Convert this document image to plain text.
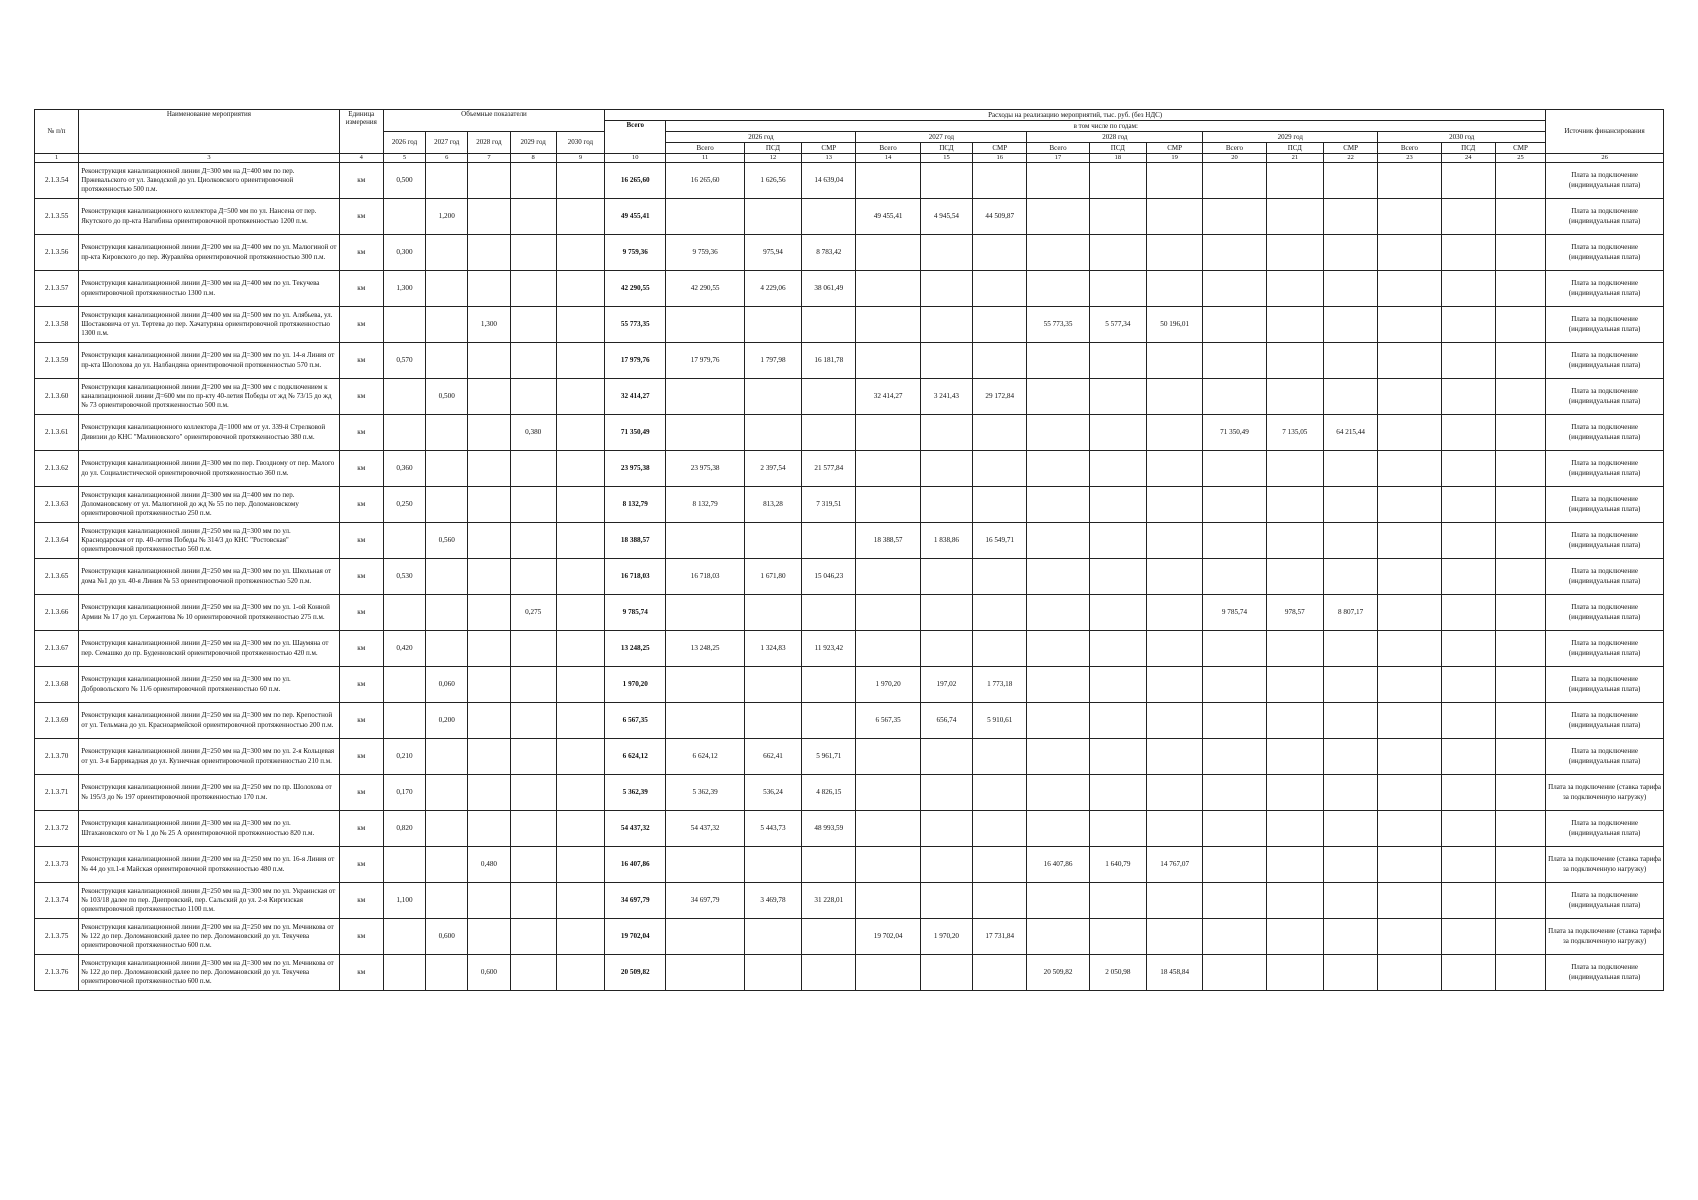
№ п/п	Наименование мероприятия	Единица измерения	Объемные показатели					Расходы на реализацию мероприятий, тыс. руб. (без НДС)																Источник финансирования
								Всего	в том числе по годам:															
			2026 год	2027 год	2028 год	2029 год	2030 год		2026 год			2027 год			2028 год			2029 год			2030 год			
									Всего	ПСД	СМР	Всего	ПСД	СМР	Всего	ПСД	СМР	Всего	ПСД	СМР	Всего	ПСД	СМР	
1	3	4	5	6	7	8	9	10	11	12	13	14	15	16	17	18	19	20	21	22	23	24	25	26
2.1.3.54	Реконструкция канализационной линии Д=300 мм на Д=400 мм по пер. Пржевальского от ул. Заводской до ул. Циолковского ориентировочной протяженностью 500 п.м.	км	0,500					16 265,60	16 265,60	1 626,56	14 639,04													Плата за подключение (индивидуальная плата)
2.1.3.55	Реконструкция канализационного коллектора Д=500 мм по ул. Нансена от пер. Якутского до пр-кта Нагибина ориентировочной протяженностью 1200 п.м.	км		1,200				49 455,41				49 455,41	4 945,54	44 509,87										Плата за подключение (индивидуальная плата)
2.1.3.56	Реконструкция канализационной линии Д=200 мм на Д=400 мм по ул. Малюгиной от пр-кта Кировского до пер. Журавлёва ориентировочной протяженностью 300 п.м.	км	0,300					9 759,36	9 759,36	975,94	8 783,42													Плата за подключение (индивидуальная плата)
2.1.3.57	Реконструкция канализационной линии Д=300 мм на Д=400 мм по ул. Текучева ориентировочной протяженностью 1300 п.м.	км	1,300					42 290,55	42 290,55	4 229,06	38 061,49													Плата за подключение (индивидуальная плата)
2.1.3.58	Реконструкция канализационной линии Д=400 мм на Д=500 мм по ул. Алябьева, ул. Шостаковича от ул. Тертева до пер. Хачатуряна ориентировочной протяженностью 1300 п.м.	км			1,300			55 773,35							55 773,35	5 577,34	50 196,01							Плата за подключение (индивидуальная плата)
2.1.3.59	Реконструкция канализационной линии Д=200 мм на Д=300 мм по ул. 14-я Линия от пр-кта Шолохова до ул. Налбандяна ориентировочной протяженностью 570 п.м.	км	0,570					17 979,76	17 979,76	1 797,98	16 181,78													Плата за подключение (индивидуальная плата)
2.1.3.60	Реконструкция канализационной линии Д=200 мм на Д=300 мм с подключением к канализационной линии Д=600 мм по пр-кту 40-летия Победы от жд № 73/15 до жд № 73 ориентировочной протяженностью 500 п.м.	км		0,500				32 414,27				32 414,27	3 241,43	29 172,84										Плата за подключение (индивидуальная плата)
2.1.3.61	Реконструкция канализационного коллектора Д=1000 мм от ул. 339-й Стрелковой Дивизии до КНС "Малиновского" ориентировочной протяженностью 380 п.м.	км				0,380		71 350,49										71 350,49	7 135,05	64 215,44				Плата за подключение (индивидуальная плата)
2.1.3.62	Реконструкция канализационной линии Д=300 мм по пер. Гвоздному от пер. Малого до ул. Социалистической ориентировочной протяженностью 360 п.м.	км	0,360					23 975,38	23 975,38	2 397,54	21 577,84													Плата за подключение (индивидуальная плата)
2.1.3.63	Реконструкция канализационной линии Д=300 мм на Д=400 мм по пер. Доломановскому от ул. Малюгиной до жд № 55 по пер. Доломановскому ориентировочной протяженностью 250 п.м.	км	0,250					8 132,79	8 132,79	813,28	7 319,51													Плата за подключение (индивидуальная плата)
2.1.3.64	Реконструкция канализационной линии Д=250 мм на Д=300 мм по ул. Краснодарская от пр. 40-летия Победы № 314/3 до КНС "Ростовская" ориентировочной протяженностью 560 п.м.	км		0,560				18 388,57				18 388,57	1 838,86	16 549,71										Плата за подключение (индивидуальная плата)
2.1.3.65	Реконструкция канализационной линии Д=250 мм на Д=300 мм по ул. Школьная от дома №1 до ул. 40-я Линия № 53 ориентировочной протяженностью 520 п.м.	км	0,530					16 718,03	16 718,03	1 671,80	15 046,23													Плата за подключение (индивидуальная плата)
2.1.3.66	Реконструкция канализационной линии Д=250 мм на Д=300 мм по ул. 1-ой Конной Армии № 17 до ул. Сержантова № 10 ориентировочной протяженностью 275 п.м.	км				0,275		9 785,74										9 785,74	978,57	8 807,17				Плата за подключение (индивидуальная плата)
2.1.3.67	Реконструкция канализационной линии Д=250 мм на Д=300 мм по ул. Шаумяна от пер. Семашко до пр. Буденновский ориентировочной протяженностью 420 п.м.	км	0,420					13 248,25	13 248,25	1 324,83	11 923,42													Плата за подключение (индивидуальная плата)
2.1.3.68	Реконструкция канализационной линии Д=250 мм на Д=300 мм по ул. Добровольского № 11/6 ориентировочной протяженностью 60 п.м.	км		0,060				1 970,20				1 970,20	197,02	1 773,18										Плата за подключение (индивидуальная плата)
2.1.3.69	Реконструкция канализационной линии Д=250 мм на Д=300 мм по пер. Крепостной от ул. Тельмана до ул. Красноармейской ориентировочной протяженностью 200 п.м.	км		0,200				6 567,35				6 567,35	656,74	5 910,61										Плата за подключение (индивидуальная плата)
2.1.3.70	Реконструкция канализационной линии Д=250 мм на Д=300 мм по ул. 2-я Кольцевая от ул. 3-я Баррикадная до ул. Кузнечная ориентировочной протяженностью 210 п.м.	км	0,210					6 624,12	6 624,12	662,41	5 961,71													Плата за подключение (индивидуальная плата)
2.1.3.71	Реконструкция канализационной линии Д=200 мм на Д=250 мм по пр. Шолохова от № 195/3 до № 197 ориентировочной протяженностью 170 п.м.	км	0,170					5 362,39	5 362,39	536,24	4 826,15													Плата за подключение (ставка тарифа за подключенную нагрузку)
2.1.3.72	Реконструкция канализационной линии Д=300 мм на Д=300 мм по ул. Штахановского от № 1 до № 25 А ориентировочной протяженностью 820 п.м.	км	0,820					54 437,32	54 437,32	5 443,73	48 993,59													Плата за подключение (индивидуальная плата)
2.1.3.73	Реконструкция канализационной линии Д=200 мм на Д=250 мм по ул. 16-я Линия от № 44 до ул.1-я Майская ориентировочной протяженностью 480 п.м.	км			0,480			16 407,86							16 407,86	1 640,79	14 767,07							Плата за подключение (ставка тарифа за подключенную нагрузку)
2.1.3.74	Реконструкция канализационной линии Д=250 мм на Д=300 мм по ул. Украинская от № 103/18 далее по пер. Днепровский, пер. Сальский до ул. 2-я Киргизская ориентировочной протяженностью 1100 п.м.	км	1,100					34 697,79	34 697,79	3 469,78	31 228,01													Плата за подключение (индивидуальная плата)
2.1.3.75	Реконструкция канализационной линии Д=200 мм на Д=250 мм по ул. Мечникова от № 122 до пер. Доломановский далее по пер. Доломановский до ул. Текучева ориентировочной протяженностью 600 п.м.	км		0,600				19 702,04				19 702,04	1 970,20	17 731,84										Плата за подключение (ставка тарифа за подключенную нагрузку)
2.1.3.76	Реконструкция канализационной линии Д=300 мм на Д=300 мм по ул. Мечникова от № 122 до пер. Доломановский далее по пер. Доломановский до ул. Текучева ориентировочной протяженностью 600 п.м.	км			0,600			20 509,82							20 509,82	2 050,98	18 458,84							Плата за подключение (индивидуальная плата)
